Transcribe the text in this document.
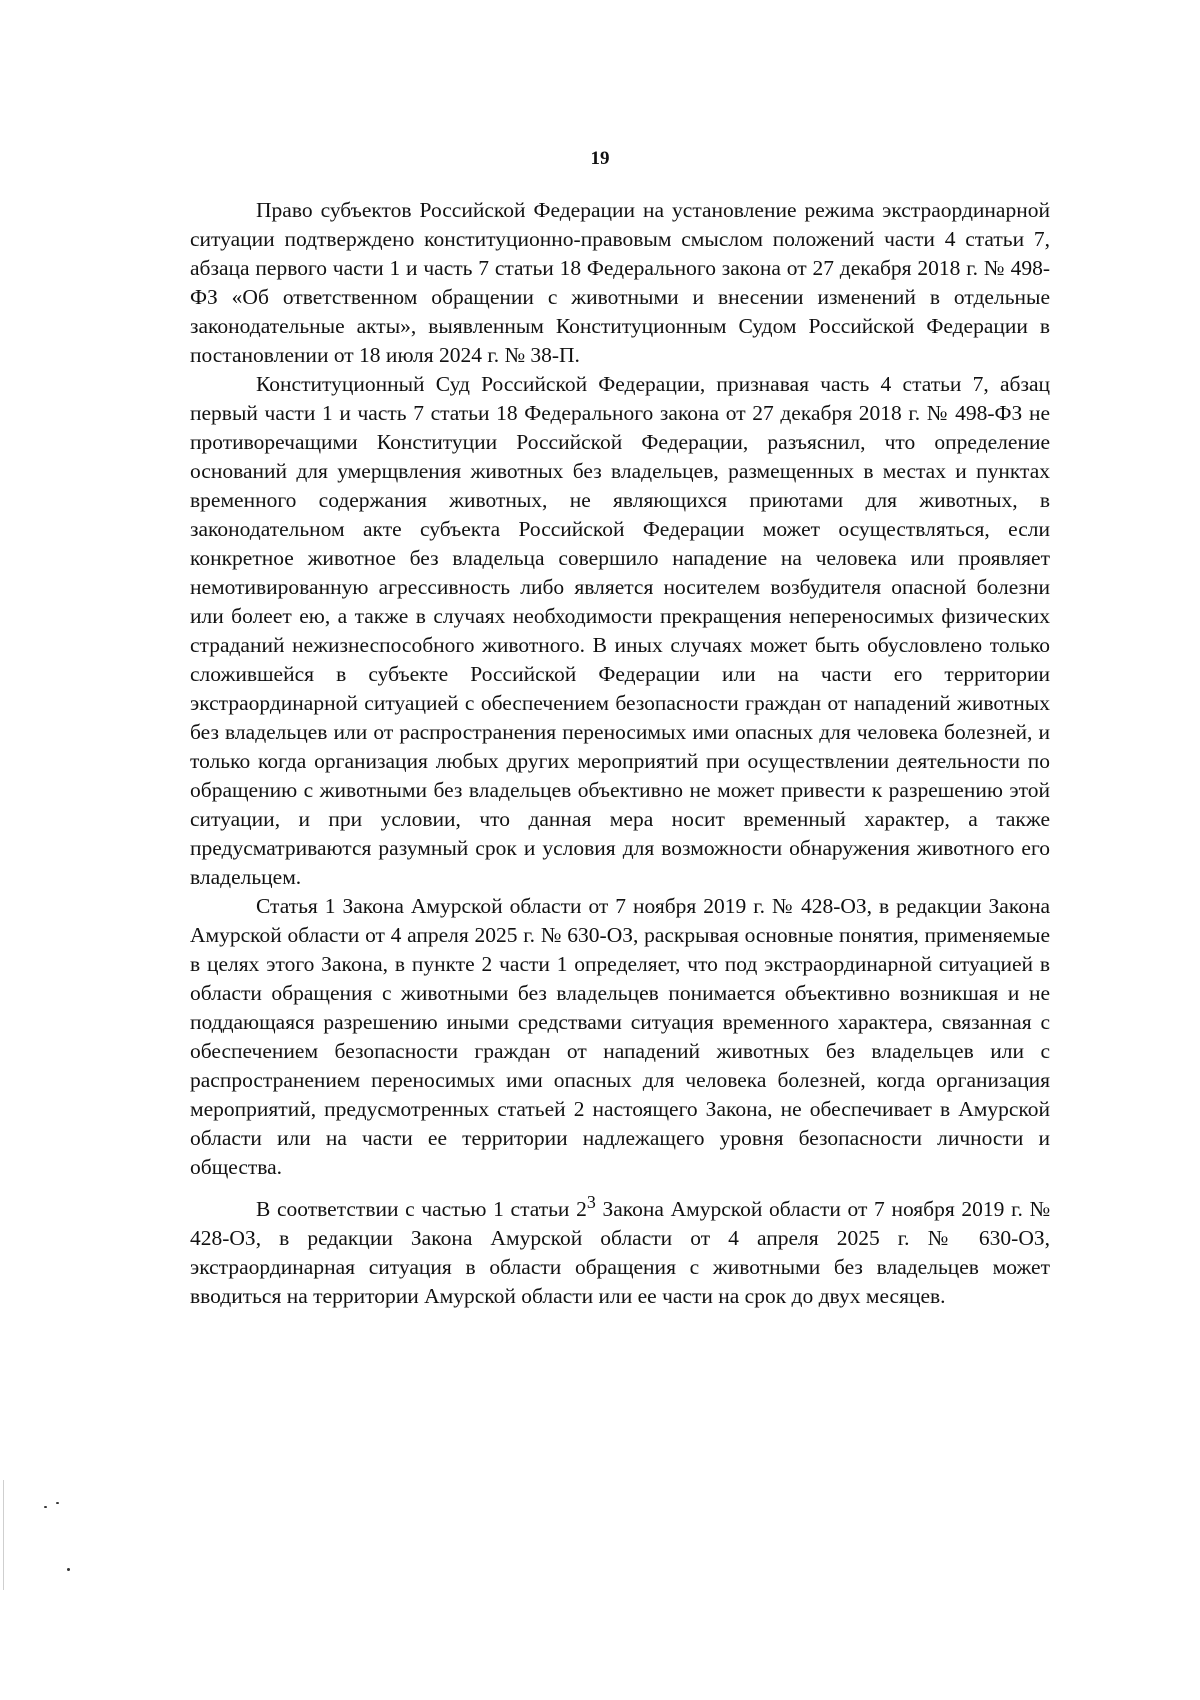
19

Право субъектов Российской Федерации на установление режима экстраординарной ситуации подтверждено конституционно-правовым смыслом положений части 4 статьи 7, абзаца первого части 1 и часть 7 статьи 18 Федерального закона от 27 декабря 2018 г. № 498-ФЗ «Об ответственном обращении с животными и внесении изменений в отдельные законодательные акты», выявленным Конституционным Судом Российской Федерации в постановлении от 18 июля 2024 г. № 38-П.

Конституционный Суд Российской Федерации, признавая часть 4 статьи 7, абзац первый части 1 и часть 7 статьи 18 Федерального закона от 27 декабря 2018 г. № 498-ФЗ не противоречащими Конституции Российской Федерации, разъяснил, что определение оснований для умерщвления животных без владельцев, размещенных в местах и пунктах временного содержания животных, не являющихся приютами для животных, в законодательном акте субъекта Российской Федерации может осуществляться, если конкретное животное без владельца совершило нападение на человека или проявляет немотивированную агрессивность либо является носителем возбудителя опасной болезни или болеет ею, а также в случаях необходимости прекращения непереносимых физических страданий нежизнеспособного животного. В иных случаях может быть обусловлено только сложившейся в субъекте Российской Федерации или на части его территории экстраординарной ситуацией с обеспечением безопасности граждан от нападений животных без владельцев или от распространения переносимых ими опасных для человека болезней, и только когда организация любых других мероприятий при осуществлении деятельности по обращению с животными без владельцев объективно не может привести к разрешению этой ситуации, и при условии, что данная мера носит временный характер, а также предусматриваются разумный срок и условия для возможности обнаружения животного его владельцем.

Статья 1 Закона Амурской области от 7 ноября 2019 г. № 428-ОЗ, в редакции Закона Амурской области от 4 апреля 2025 г. № 630-ОЗ, раскрывая основные понятия, применяемые в целях этого Закона, в пункте 2 части 1 определяет, что под экстраординарной ситуацией в области обращения с животными без владельцев понимается объективно возникшая и не поддающаяся разрешению иными средствами ситуация временного характера, связанная с обеспечением безопасности граждан от нападений животных без владельцев или с распространением переносимых ими опасных для человека болезней, когда организация мероприятий, предусмотренных статьей 2 настоящего Закона, не обеспечивает в Амурской области или на части ее территории надлежащего уровня безопасности личности и общества.

В соответствии с частью 1 статьи $2^3$ Закона Амурской области от 7 ноября 2019 г. № 428-ОЗ, в редакции Закона Амурской области от 4 апреля 2025 г. № 630-ОЗ, экстраординарная ситуация в области обращения с животными без владельцев может вводиться на территории Амурской области или ее части на срок до двух месяцев.
